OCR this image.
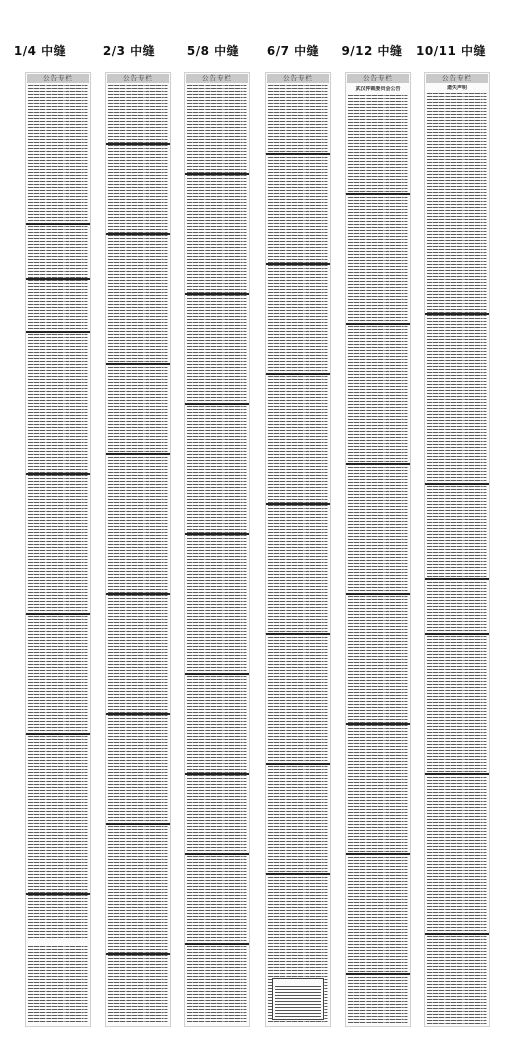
1/4 中缝	2/3 中缝	5/8 中缝	6/7 中缝	9/12 中缝	10/11 中缝
公告专栏	公告专栏	公告专栏	公告专栏	公告专栏
武汉仲裁委员会公告
公告专栏
遗失声明
